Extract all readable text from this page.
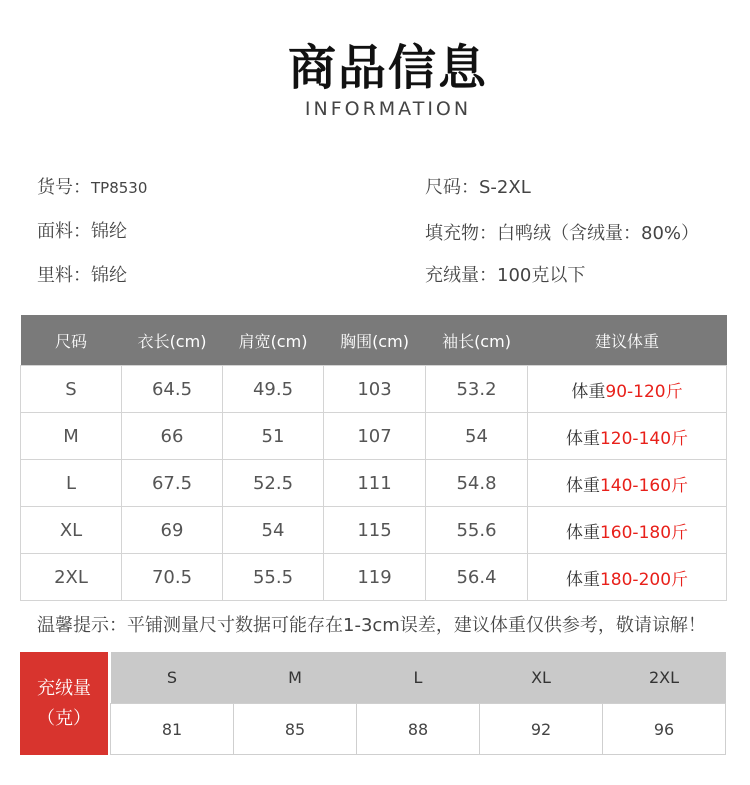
商品信息
INFORMATION
货号：TP8530	尺码：S-2XL
面料：锦纶	填充物：白鸭绒（含绒量：80%）
里料：锦纶	充绒量：100克以下
尺码	衣长(cm)	肩宽(cm)	胸围(cm)	袖长(cm)	建议体重
S	64.5	49.5	103	53.2	体重90-120斤
M	66	51	107	54	体重120-140斤
L	67.5	52.5	111	54.8	体重140-160斤
XL	69	54	115	55.6	体重160-180斤
2XL	70.5	55.5	119	56.4	体重180-200斤
温馨提示：平铺测量尺寸数据可能存在1-3cm误差，建议体重仅供参考，敬请谅解！
充绒量
（克）
S	M	L	XL	2XL
81	85	88	92	96
